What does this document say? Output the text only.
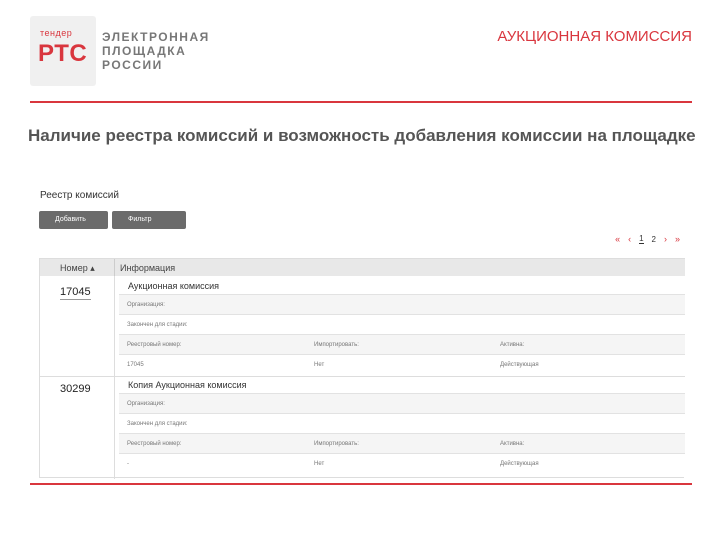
тендер
РТС
ЭЛЕКТРОННАЯ
ПЛОЩАДКА
РОССИИ
АУКЦИОННАЯ КОМИССИЯ
Наличие реестра комиссий и возможность добавления комиссии на площадке
Реестр комиссий
Добавить	Фильтр
« ‹ 1 2 › »
Номер ▴	Информация
17045	Аукционная комиссия
Организация:
Закончен для стадии:
Реестровый номер:	Импортировать:	Активна:
17045	Нет	Действующая
30299	Копия Аукционная комиссия
Организация:
Закончен для стадии:
Реестровый номер:	Импортировать:	Активна:
-	Нет	Действующая
